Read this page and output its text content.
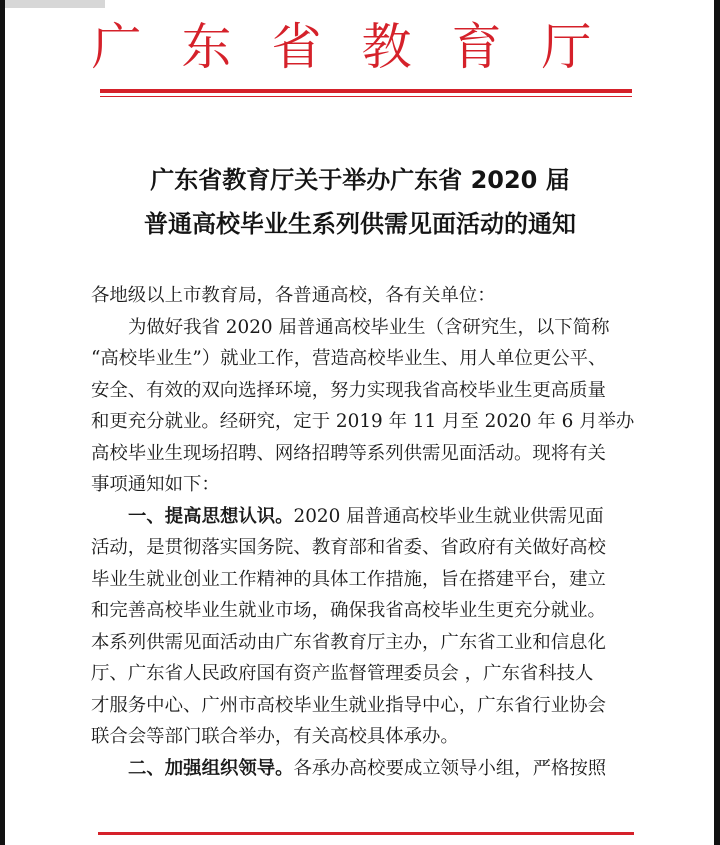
广东省教育厅
广东省教育厅关于举办广东省 2020 届
普通高校毕业生系列供需见面活动的通知
各地级以上市教育局，各普通高校，各有关单位：
为做好我省 2020 届普通高校毕业生（含研究生，以下简称
“高校毕业生”）就业工作，营造高校毕业生、用人单位更公平、
安全、有效的双向选择环境，努力实现我省高校毕业生更高质量
和更充分就业。经研究，定于 2019 年 11 月至 2020 年 6 月举办
高校毕业生现场招聘、网络招聘等系列供需见面活动。现将有关
事项通知如下：
一、提高思想认识。2020 届普通高校毕业生就业供需见面
活动，是贯彻落实国务院、教育部和省委、省政府有关做好高校
毕业生就业创业工作精神的具体工作措施，旨在搭建平台，建立
和完善高校毕业生就业市场，确保我省高校毕业生更充分就业。
本系列供需见面活动由广东省教育厅主办，广东省工业和信息化
厅、广东省人民政府国有资产监督管理委员会 ，广东省科技人
才服务中心、广州市高校毕业生就业指导中心，广东省行业协会
联合会等部门联合举办，有关高校具体承办。
二、加强组织领导。各承办高校要成立领导小组，严格按照
